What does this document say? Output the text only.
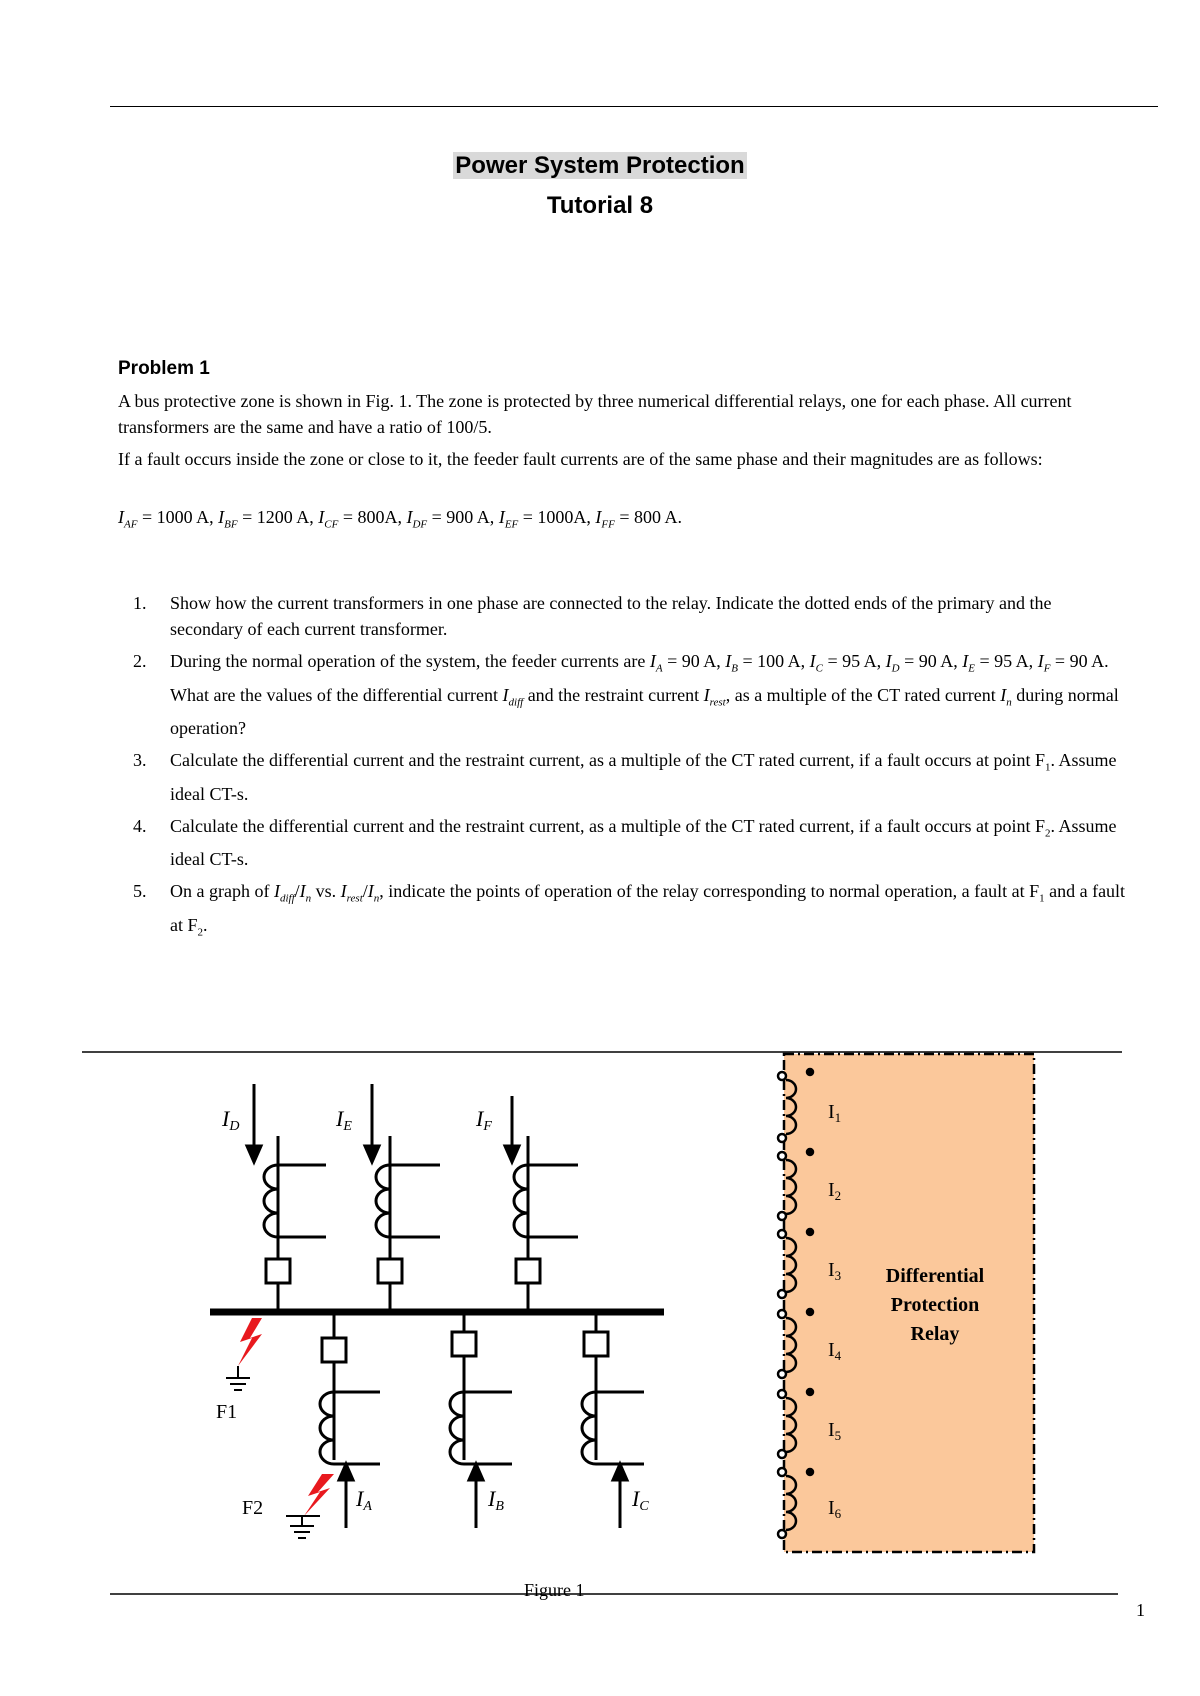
Power System Protection
Tutorial 8
Problem 1
A bus protective zone is shown in Fig. 1. The zone is protected by three numerical differential relays, one for each phase. All current transformers are the same and have a ratio of 100/5.
If a fault occurs inside the zone or close to it, the feeder fault currents are of the same phase and their magnitudes are as follows:
$I_{AF} = 1000$ A, $I_{BF} = 1200$ A, $I_{CF} = 800A$, $I_{DF} = 900$ A, $I_{EF} = 1000A$, $I_{FF} = 800$ A.
1. Show how the current transformers in one phase are connected to the relay. Indicate the dotted ends of the primary and the secondary of each current transformer.
2. During the normal operation of the system, the feeder currents are $I_A = 90$ A, $I_B = 100$ A, $I_C = 95$ A, $I_D = 90$ A, $I_E = 95$ A, $I_F = 90$ A. What are the values of the differential current $I_{diff}$ and the restraint current $I_{rest}$, as a multiple of the CT rated current $I_n$ during normal operation?
3. Calculate the differential current and the restraint current, as a multiple of the CT rated current, if a fault occurs at point $F_1$. Assume ideal CT-s.
4. Calculate the differential current and the restraint current, as a multiple of the CT rated current, if a fault occurs at point $F_2$. Assume ideal CT-s.
5. On a graph of $I_{diff}/I_n$ vs. $I_{rest}/I_n$, indicate the points of operation of the relay corresponding to normal operation, a fault at $F_1$ and a fault at $F_2$.
ID	IE	IF
IA	IB	IC
F1
F2
$I_1$
$I_2$
$I_3$
$I_4$
$I_5$
$I_6$
Differential
Protection
Relay
Figure 1
1
